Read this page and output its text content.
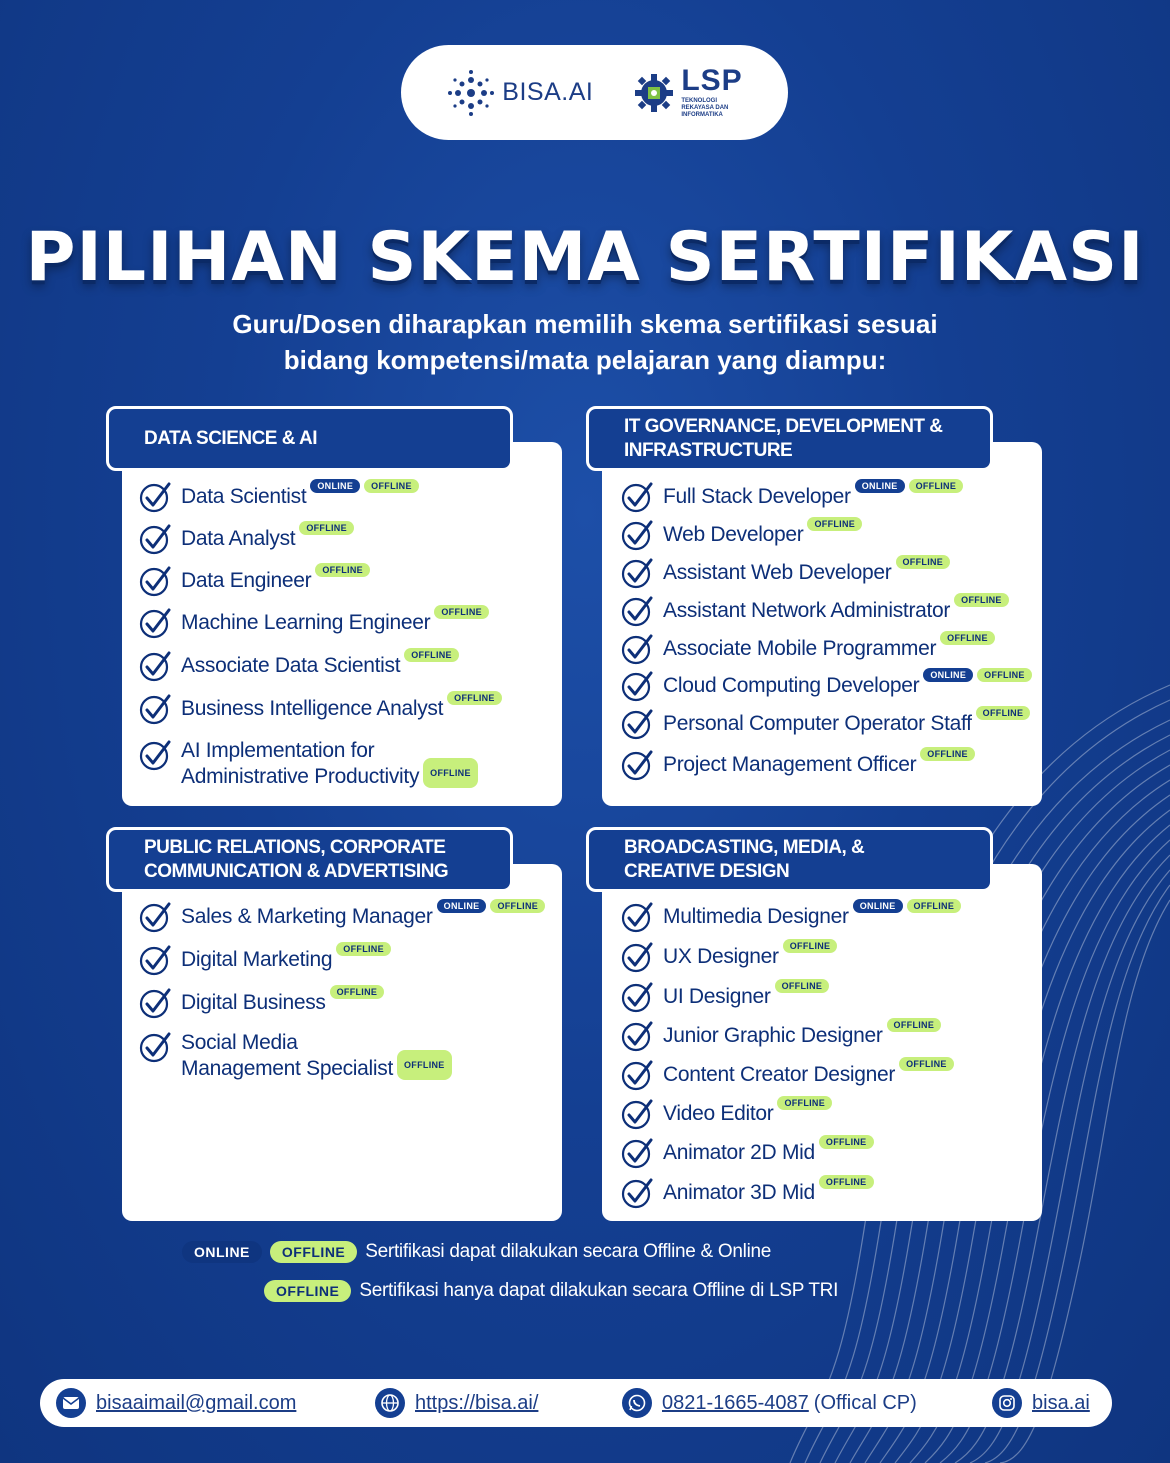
BISA.AI	LSP
TEKNOLOGI REKAYASA DAN INFORMATIKA
PILIHAN SKEMA SERTIFIKASI
Guru/Dosen diharapkan memilih skema sertifikasi sesuai
bidang kompetensi/mata pelajaran yang diampu:
DATA SCIENCE & AI
IT GOVERNANCE, DEVELOPMENT &
INFRASTRUCTURE
PUBLIC RELATIONS, CORPORATE
COMMUNICATION & ADVERTISING
BROADCASTING, MEDIA, &
CREATIVE DESIGN
Data Scientist ONLINE OFFLINE
Data Analyst OFFLINE
Data Engineer OFFLINE
Machine Learning Engineer OFFLINE
Associate Data Scientist OFFLINE
Business Intelligence Analyst OFFLINE
AI Implementation for
Administrative Productivity OFFLINE
Full Stack Developer ONLINE OFFLINE
Web Developer OFFLINE
Assistant Web Developer OFFLINE
Assistant Network Administrator OFFLINE
Associate Mobile Programmer OFFLINE
Cloud Computing Developer ONLINE OFFLINE
Personal Computer Operator Staff OFFLINE
Project Management Officer OFFLINE
Sales & Marketing Manager ONLINE OFFLINE
Digital Marketing OFFLINE
Digital Business OFFLINE
Social Media
Management Specialist OFFLINE
Multimedia Designer ONLINE OFFLINE
UX Designer OFFLINE
UI Designer OFFLINE
Junior Graphic Designer OFFLINE
Content Creator Designer OFFLINE
Video Editor OFFLINE
Animator 2D Mid OFFLINE
Animator 3D Mid OFFLINE
ONLINE	OFFLINE	Sertifikasi dapat dilakukan secara Offline & Online
OFFLINE	Sertifikasi hanya dapat dilakukan secara Offline di LSP TRI
bisaaimail@gmail.com	https://bisa.ai/	0821-1665-4087 (Offical CP)	bisa.ai
